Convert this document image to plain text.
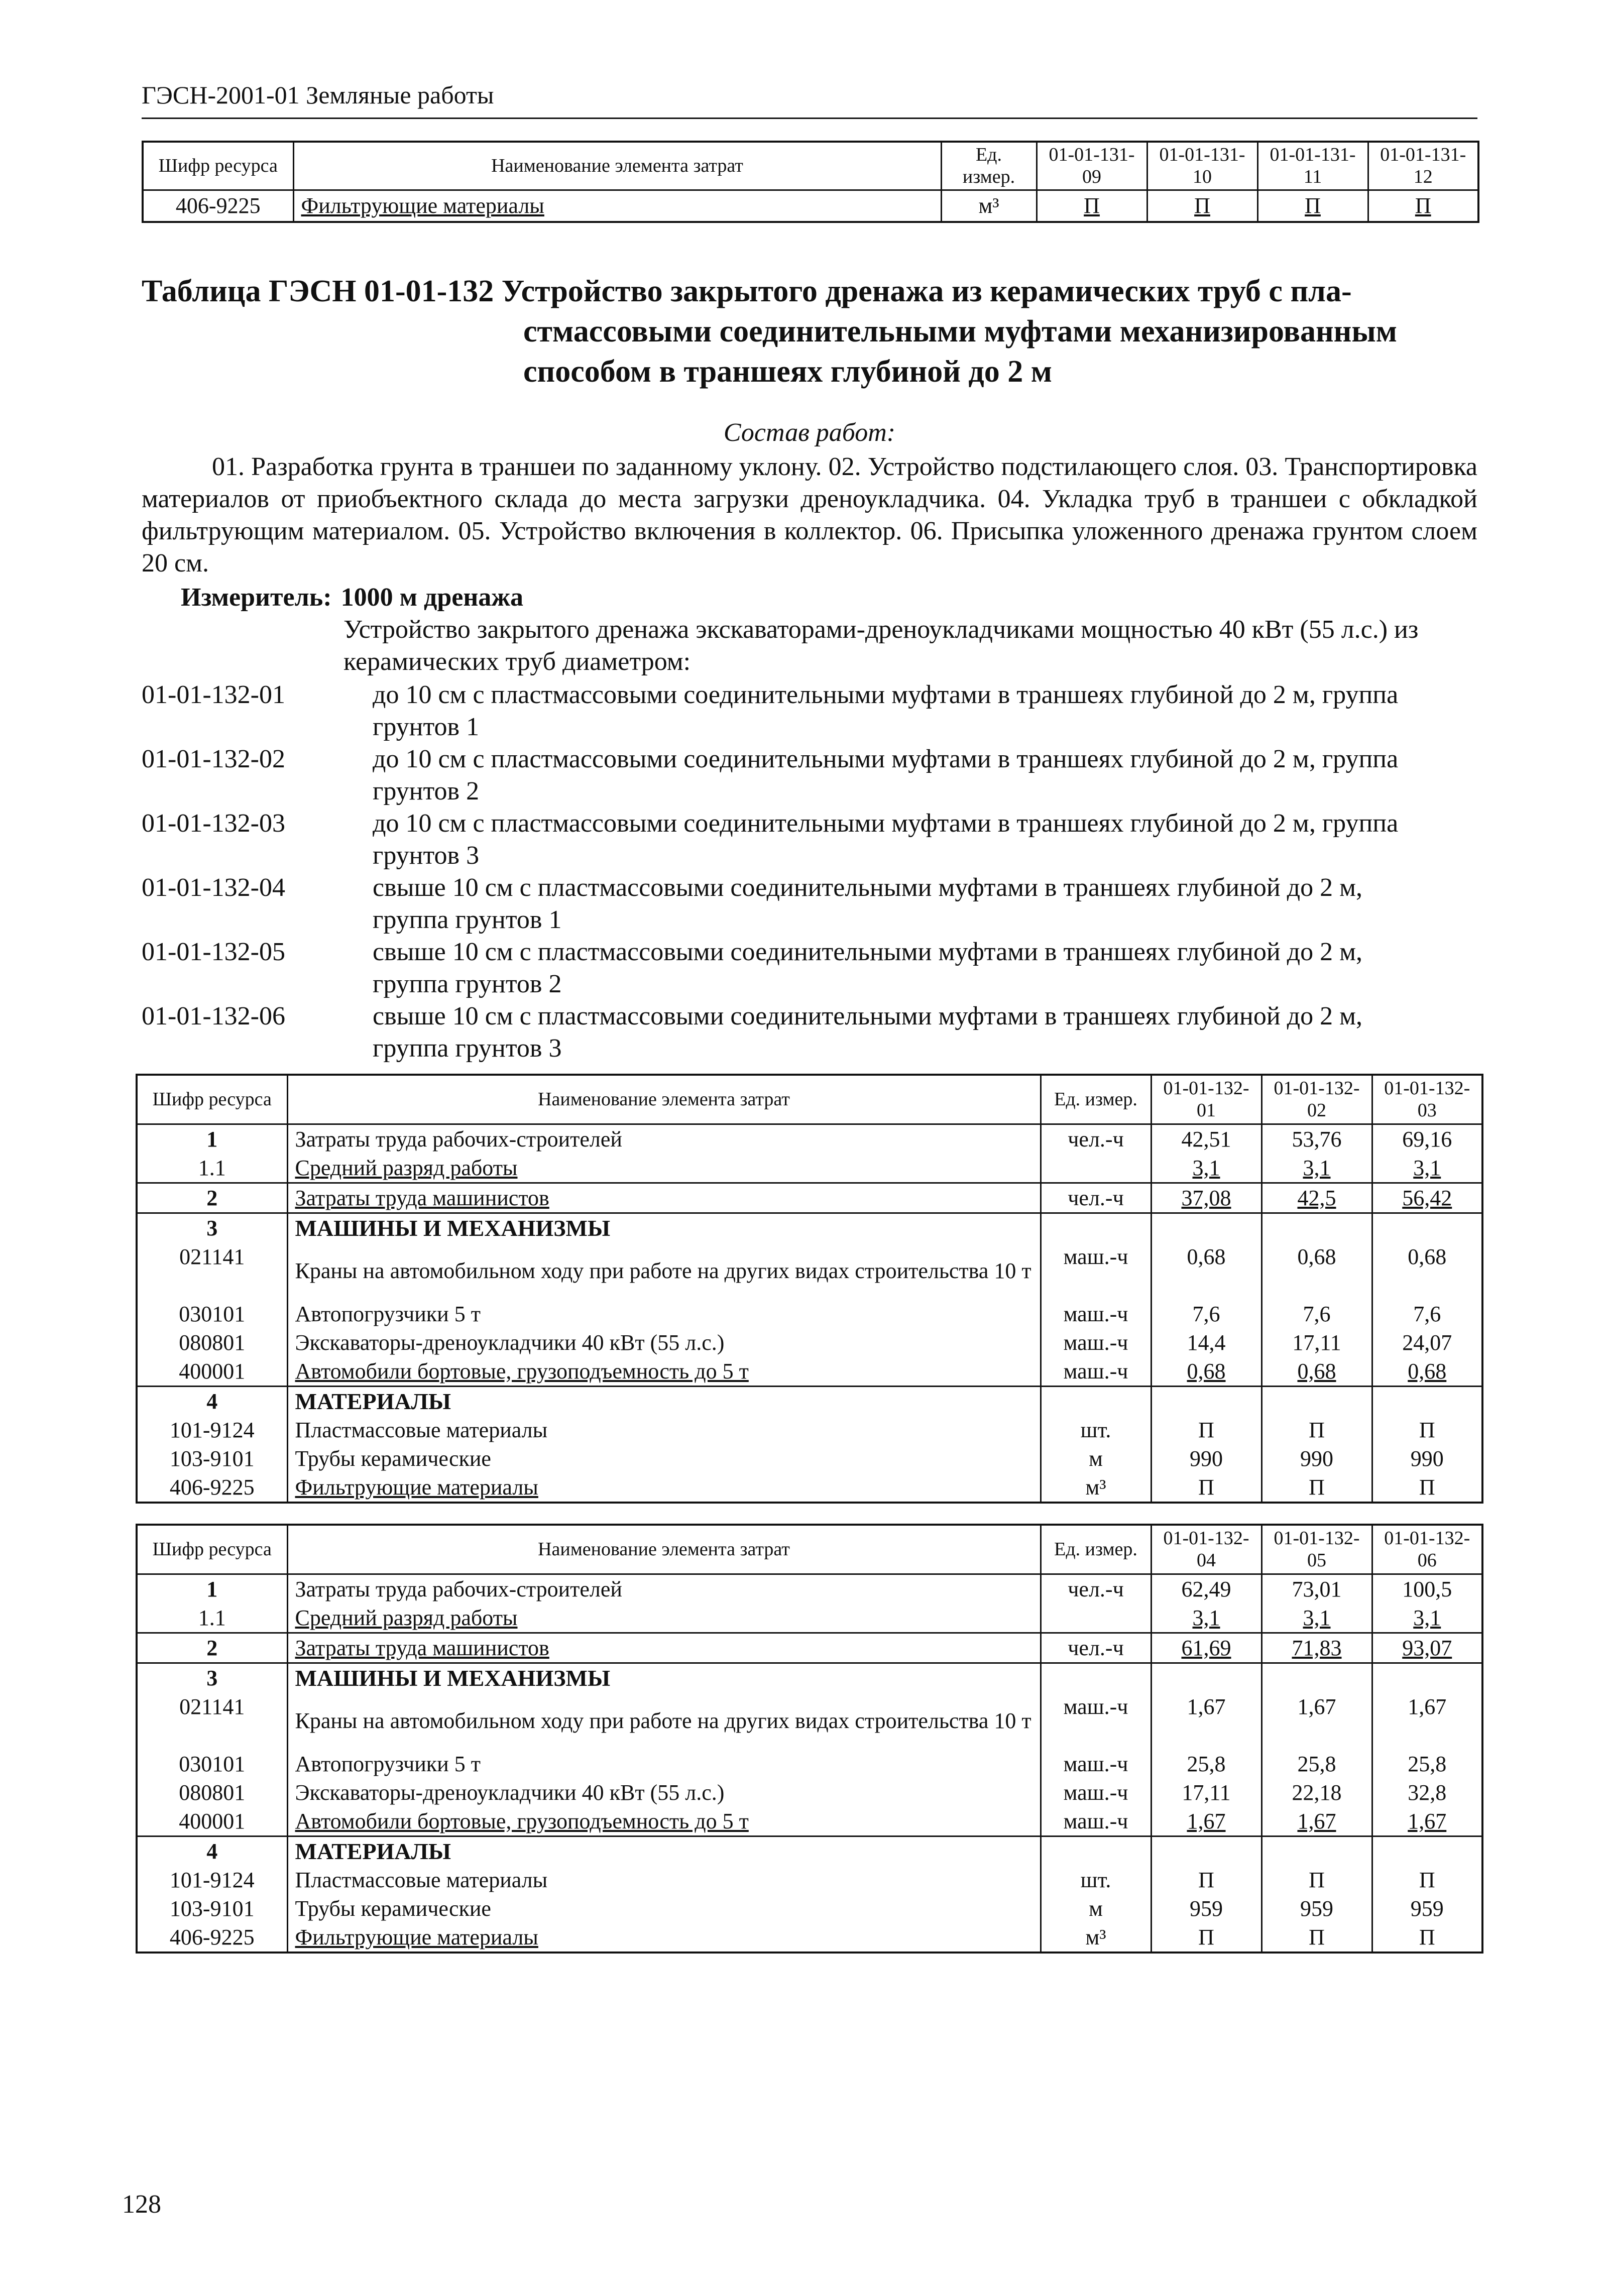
ГЭСН-2001-01 Земляные работы
Шифр ресурса	Наименование элемента затрат	Ед. измер.	01-01-131-09	01-01-131-10	01-01-131-11	01-01-131-12
406-9225	Фильтрующие материалы	м³	П	П	П	П
Таблица ГЭСН 01-01-132 Устройство закрытого дренажа из керамических труб с пла-
стмассовыми соединительными муфтами механизированным
способом в траншеях глубиной до 2 м
Состав работ:
01. Разработка грунта в траншеи по заданному уклону. 02. Устройство подстилающего слоя. 03. Транспортировка материалов от приобъектного склада до места загрузки дреноукладчика. 04. Укладка труб в траншеи с обкладкой фильтрующим материалом. 05. Устройство включения в коллектор. 06. Присыпка уложенного дренажа грунтом слоем 20 см.
Измеритель: 1000 м дренажа
Устройство закрытого дренажа экскаваторами-дреноукладчиками мощностью 40 кВт (55 л.с.) из керамических труб диаметром:
01-01-132-01	до 10 см с пластмассовыми соединительными муфтами в траншеях глубиной до 2 м, группа
грунтов 1
01-01-132-02	до 10 см с пластмассовыми соединительными муфтами в траншеях глубиной до 2 м, группа
грунтов 2
01-01-132-03	до 10 см с пластмассовыми соединительными муфтами в траншеях глубиной до 2 м, группа
грунтов 3
01-01-132-04	свыше 10 см с пластмассовыми соединительными муфтами в траншеях глубиной до 2 м,
группа грунтов 1
01-01-132-05	свыше 10 см с пластмассовыми соединительными муфтами в траншеях глубиной до 2 м,
группа грунтов 2
01-01-132-06	свыше 10 см с пластмассовыми соединительными муфтами в траншеях глубиной до 2 м,
группа грунтов 3
Шифр ресурса	Наименование элемента затрат	Ед. измер.	01-01-132-01	01-01-132-02	01-01-132-03
1	Затраты труда рабочих-строителей	чел.-ч	42,51	53,76	69,16
1.1	Средний разряд работы		3,1	3,1	3,1
2	Затраты труда машинистов	чел.-ч	37,08	42,5	56,42
3	МАШИНЫ И МЕХАНИЗМЫ				
021141	Краны на автомобильном ходу при работе на других видах строительства 10 т	маш.-ч	0,68	0,68	0,68
030101	Автопогрузчики 5 т	маш.-ч	7,6	7,6	7,6
080801	Экскаваторы-дреноукладчики 40 кВт (55 л.с.)	маш.-ч	14,4	17,11	24,07
400001	Автомобили бортовые, грузоподъемность до 5 т	маш.-ч	0,68	0,68	0,68
4	МАТЕРИАЛЫ				
101-9124	Пластмассовые материалы	шт.	П	П	П
103-9101	Трубы керамические	м	990	990	990
406-9225	Фильтрующие материалы	м³	П	П	П
Шифр ресурса	Наименование элемента затрат	Ед. измер.	01-01-132-04	01-01-132-05	01-01-132-06
1	Затраты труда рабочих-строителей	чел.-ч	62,49	73,01	100,5
1.1	Средний разряд работы		3,1	3,1	3,1
2	Затраты труда машинистов	чел.-ч	61,69	71,83	93,07
3	МАШИНЫ И МЕХАНИЗМЫ				
021141	Краны на автомобильном ходу при работе на других видах строительства 10 т	маш.-ч	1,67	1,67	1,67
030101	Автопогрузчики 5 т	маш.-ч	25,8	25,8	25,8
080801	Экскаваторы-дреноукладчики 40 кВт (55 л.с.)	маш.-ч	17,11	22,18	32,8
400001	Автомобили бортовые, грузоподъемность до 5 т	маш.-ч	1,67	1,67	1,67
4	МАТЕРИАЛЫ				
101-9124	Пластмассовые материалы	шт.	П	П	П
103-9101	Трубы керамические	м	959	959	959
406-9225	Фильтрующие материалы	м³	П	П	П
128
